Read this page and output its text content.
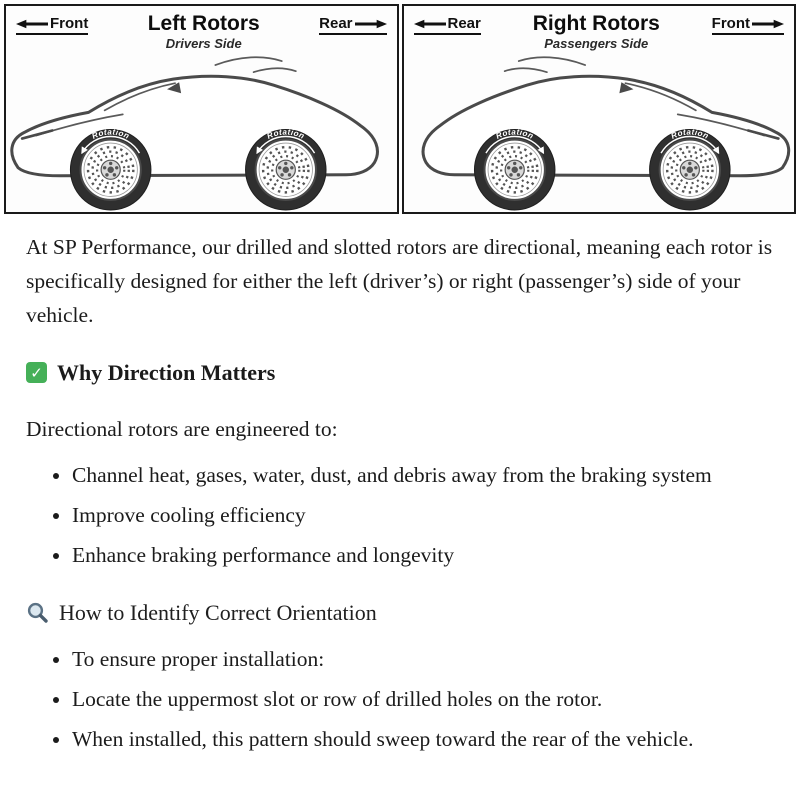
Front	Left Rotors
Drivers Side
Rear
Rotation	Rotation
Rear Right Rotors
Passengers Side
Front
Rotation	Rotation

At SP Performance, our drilled and slotted rotors are directional, meaning each rotor is specifically designed for either the left (driver’s) or right (passenger’s) side of your vehicle.

✓
Why Direction Matters

Directional rotors are engineered to:

• Channel heat, gases, water, dust, and debris away from the braking system
• Improve cooling efficiency
• Enhance braking performance and longevity
How to Identify Correct Orientation
• To ensure proper installation:
• Locate the uppermost slot or row of drilled holes on the rotor.
• When installed, this pattern should sweep toward the rear of the vehicle.
